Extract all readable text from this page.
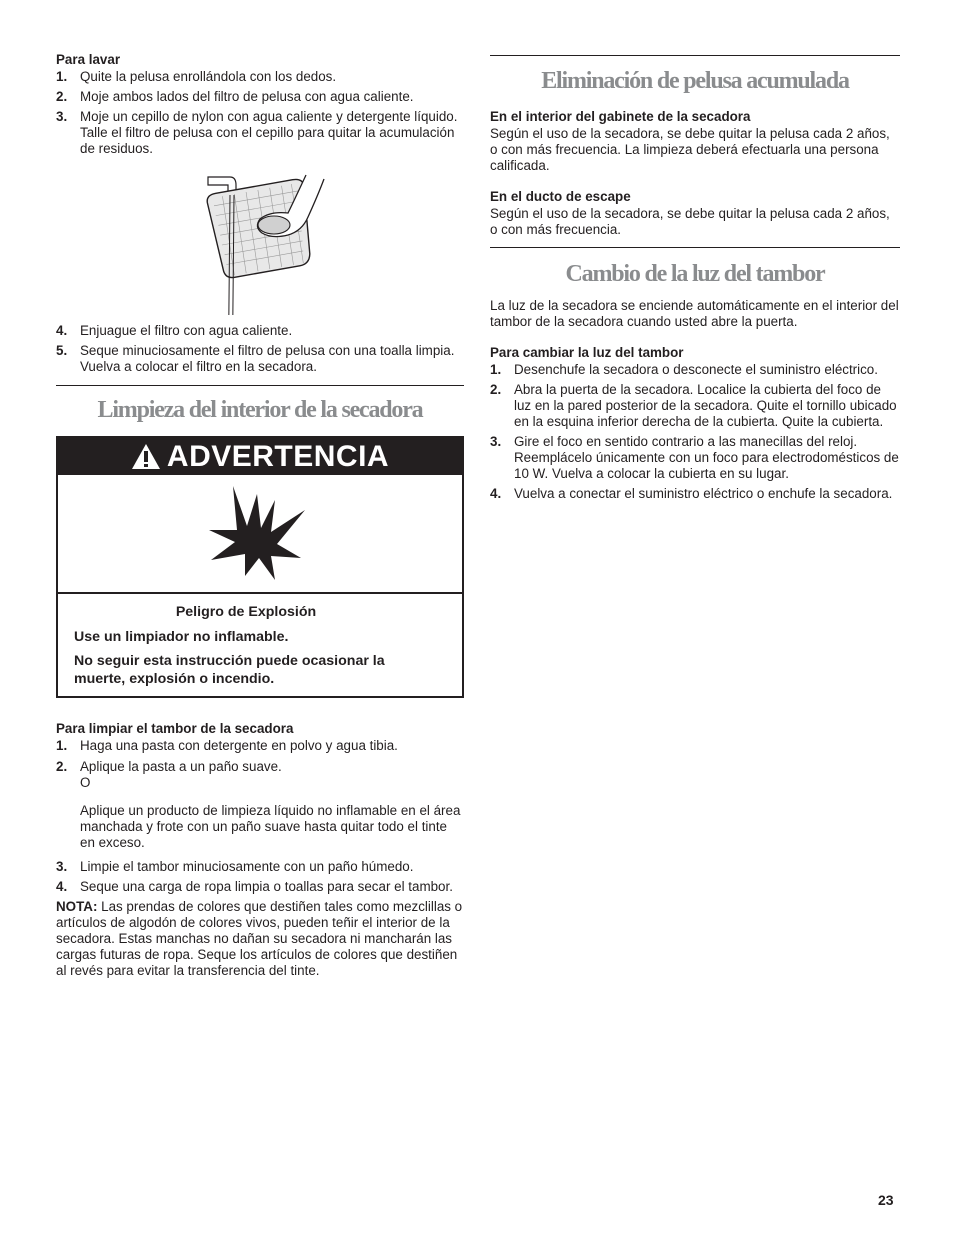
Para lavar
1. Quite la pelusa enrollándola con los dedos.
2. Moje ambos lados del filtro de pelusa con agua caliente.
3. Moje un cepillo de nylon con agua caliente y detergente líquido. Talle el filtro de pelusa con el cepillo para quitar la acumulación de residuos.
4. Enjuague el filtro con agua caliente.
5. Seque minuciosamente el filtro de pelusa con una toalla limpia. Vuelva a colocar el filtro en la secadora.
Limpieza del interior de la secadora
ADVERTENCIA
Peligro de Explosión
Use un limpiador no inflamable.
No seguir esta instrucción puede ocasionar la muerte, explosión o incendio.
Para limpiar el tambor de la secadora
1. Haga una pasta con detergente en polvo y agua tibia.
2. Aplique la pasta a un paño suave.
O
Aplique un producto de limpieza líquido no inflamable en el área manchada y frote con un paño suave hasta quitar todo el tinte en exceso.
3. Limpie el tambor minuciosamente con un paño húmedo.
4. Seque una carga de ropa limpia o toallas para secar el tambor.

NOTA: Las prendas de colores que destiñen tales como mezclillas o artículos de algodón de colores vivos, pueden teñir el interior de la secadora. Estas manchas no dañan su secadora ni mancharán las cargas futuras de ropa. Seque los artículos de colores que destiñen al revés para evitar la transferencia del tinte.

Eliminación de pelusa acumulada
En el interior del gabinete de la secadora

Según el uso de la secadora, se debe quitar la pelusa cada 2 años, o con más frecuencia. La limpieza deberá efectuarla una persona calificada.

En el ducto de escape

Según el uso de la secadora, se debe quitar la pelusa cada 2 años, o con más frecuencia.

Cambio de la luz del tambor

La luz de la secadora se enciende automáticamente en el interior del tambor de la secadora cuando usted abre la puerta.

Para cambiar la luz del tambor
1. Desenchufe la secadora o desconecte el suministro eléctrico.
2. Abra la puerta de la secadora. Localice la cubierta del foco de luz en la pared posterior de la secadora. Quite el tornillo ubicado en la esquina inferior derecha de la cubierta. Quite la cubierta.
3. Gire el foco en sentido contrario a las manecillas del reloj. Reemplácelo únicamente con un foco para electrodomésticos de 10 W. Vuelva a colocar la cubierta en su lugar.
4. Vuelva a conectar el suministro eléctrico o enchufe la secadora.
23
